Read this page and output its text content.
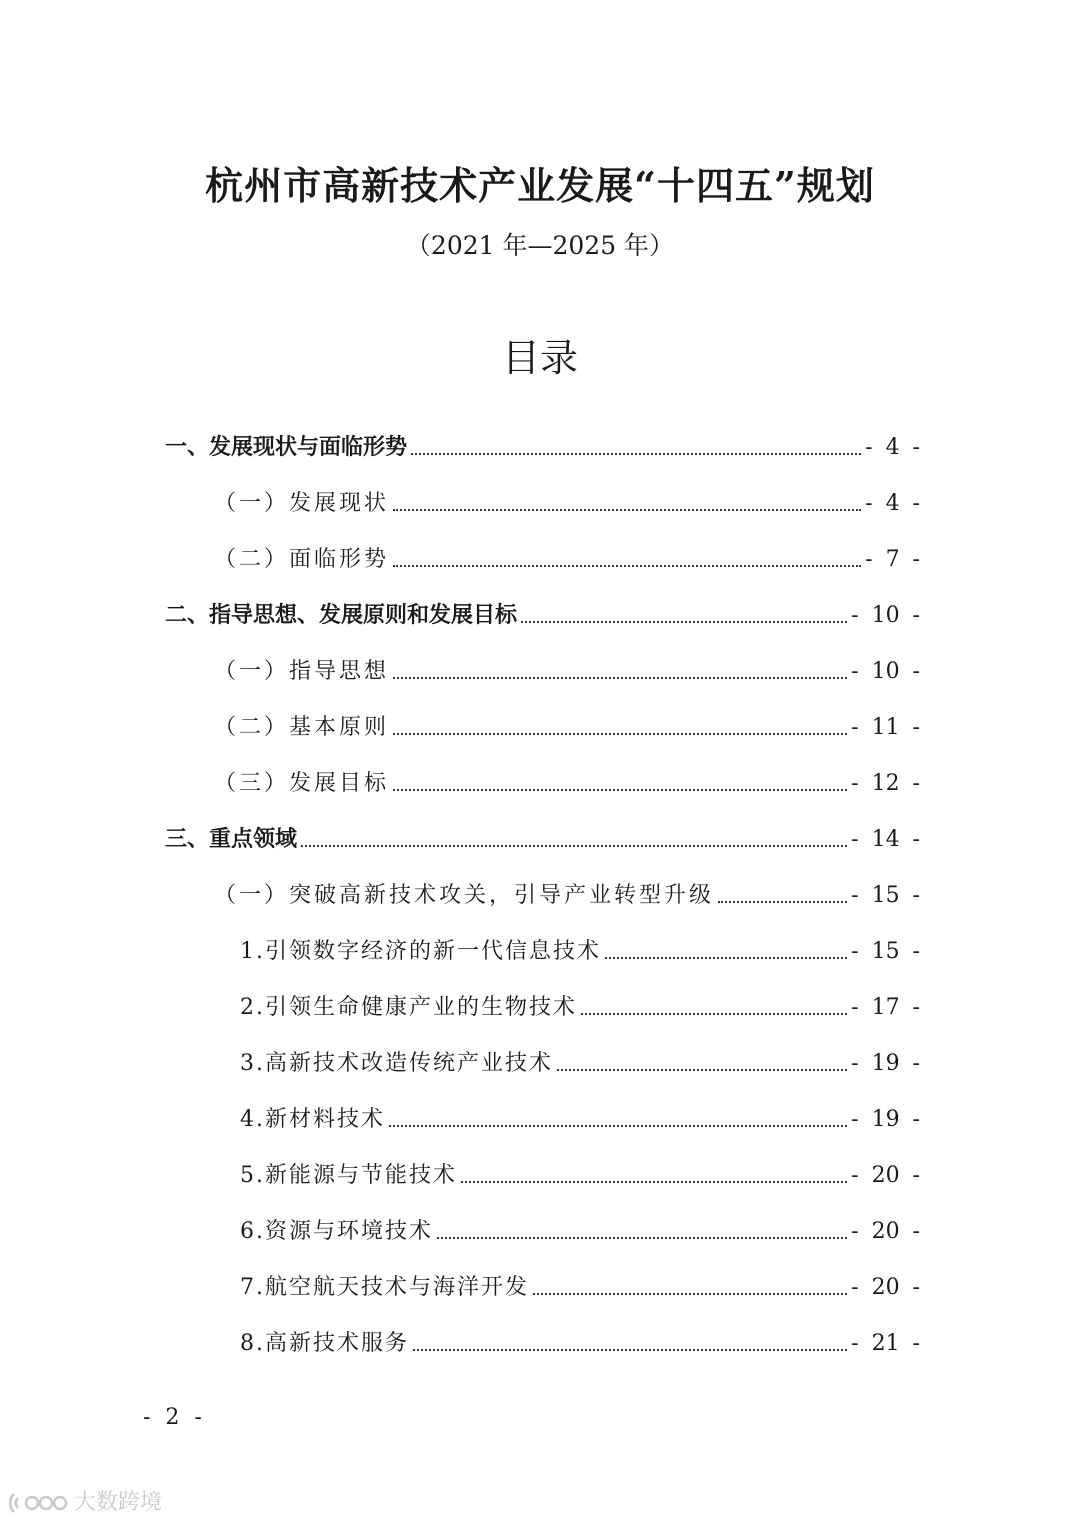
杭州市高新技术产业发展“十四五”规划
（2021 年—2025 年）
目录
一、发展现状与面临形势	- 4 -
（一）发展现状	- 4 -
（二）面临形势	- 7 -
二、指导思想、发展原则和发展目标	- 10 -
（一）指导思想	- 10 -
（二）基本原则	- 11 -
（三）发展目标	- 12 -
三、重点领域	- 14 -
（一）突破高新技术攻关，引导产业转型升级	- 15 -
1.引领数字经济的新一代信息技术	- 15 -
2.引领生命健康产业的生物技术	- 17 -
3.高新技术改造传统产业技术	- 19 -
4.新材料技术	- 19 -
5.新能源与节能技术	- 20 -
6.资源与环境技术	- 20 -
7.航空航天技术与海洋开发	- 20 -
8.高新技术服务	- 21 -
- 2 -
大数跨境
